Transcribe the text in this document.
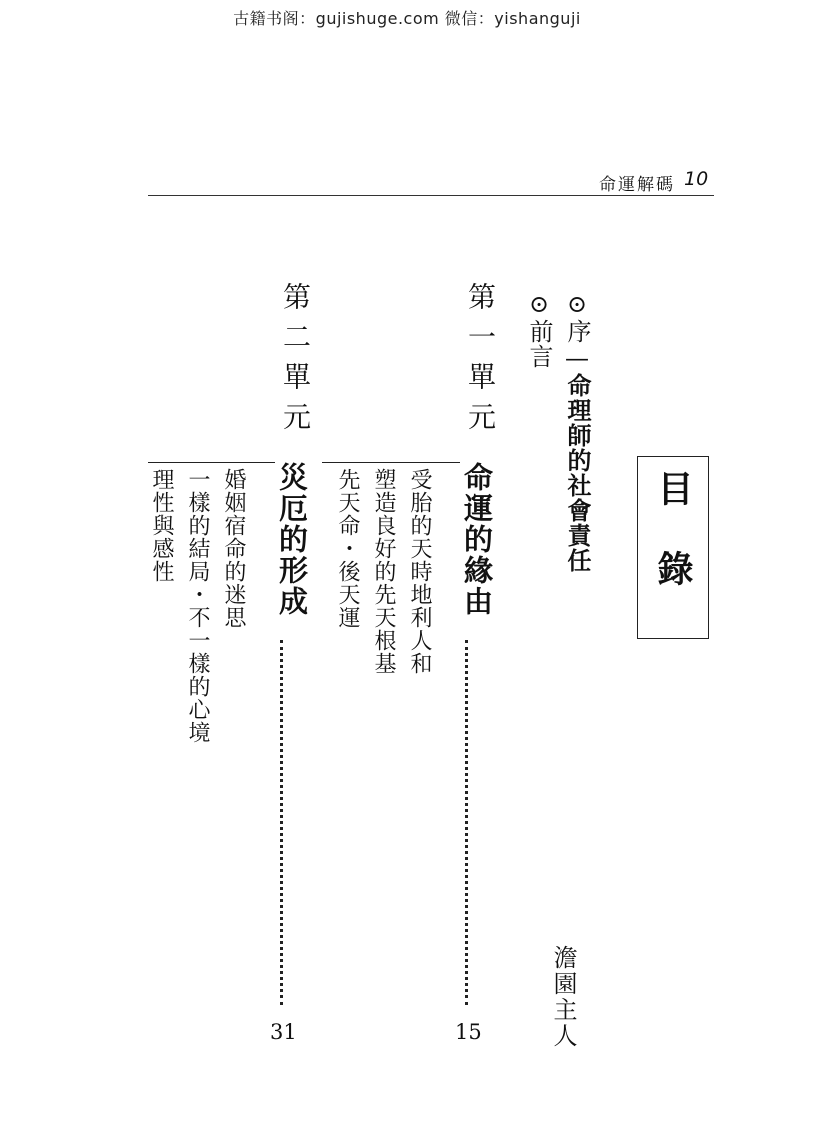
古籍书阁：gujishuge.com 微信：yishanguji
命運解碼 10
目錄
⊙序—命理師的社會責任
⊙前言
第一單元
命運的緣由
15
受胎的天時地利人和
塑造良好的先天根基
先天命・後天運
第二單元
災厄的形成
31
婚姻宿命的迷思
一樣的結局・不一樣的心境
理性與感性
澹園主人
